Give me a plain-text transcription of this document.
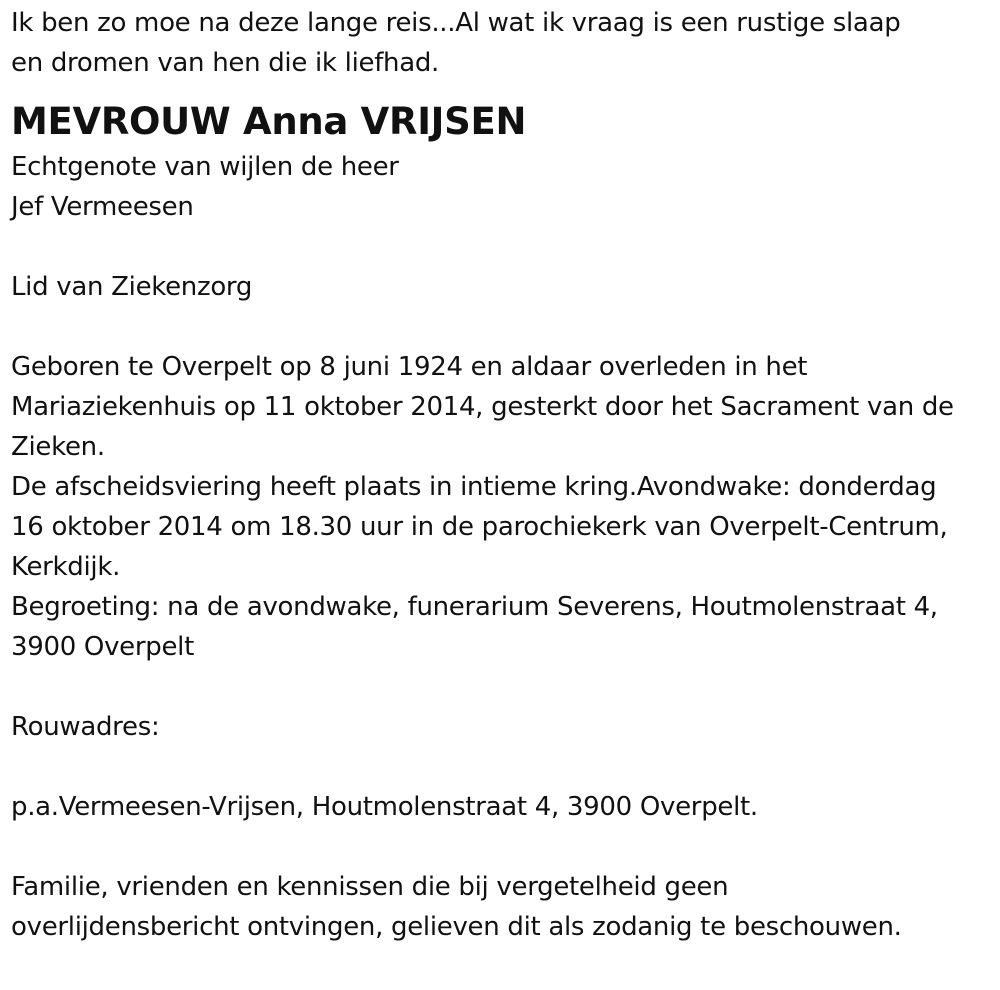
Ik ben zo moe na deze lange reis...Al wat ik vraag is een rustige slaap
en dromen van hen die ik liefhad.
MEVROUW Anna VRIJSEN
Echtgenote van wijlen de heer
Jef Vermeesen
Lid van Ziekenzorg
Geboren te Overpelt op 8 juni 1924 en aldaar overleden in het
Mariaziekenhuis op 11 oktober 2014, gesterkt door het Sacrament van de
Zieken.
De afscheidsviering heeft plaats in intieme kring.Avondwake: donderdag
16 oktober 2014 om 18.30 uur in de parochiekerk van Overpelt-Centrum,
Kerkdijk.
Begroeting: na de avondwake, funerarium Severens, Houtmolenstraat 4,
3900 Overpelt
Rouwadres:
p.a.Vermeesen-Vrijsen, Houtmolenstraat 4, 3900 Overpelt.
Familie, vrienden en kennissen die bij vergetelheid geen
overlijdensbericht ontvingen, gelieven dit als zodanig te beschouwen.
